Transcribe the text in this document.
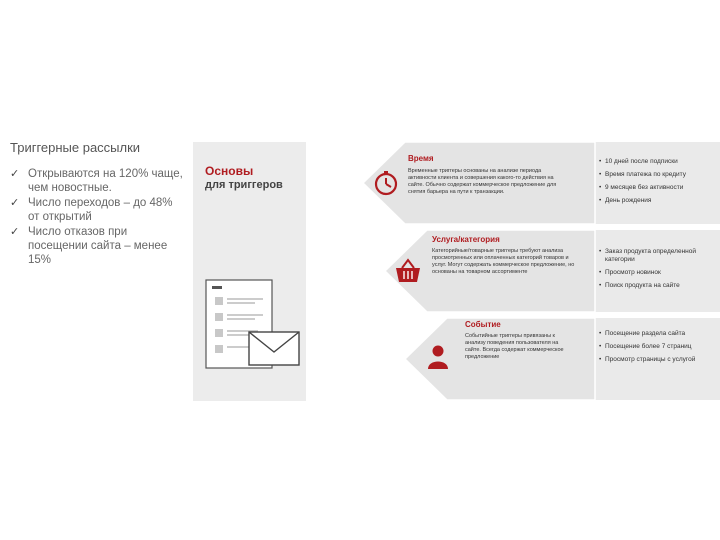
Триггерные рассылки
✓ Открываются на 120% чаще, чем новостные.
✓ Число переходов – до 48% от открытий
✓ Число отказов при посещении сайта – менее 15%
Основы
для триггеров
Время
Временные триггеры основаны на анализе периода активности клиента и совершения какого-то действия на сайте. Обычно содержат коммерческое предложение для снятия барьера на пути к транзакции.
• 10 дней после подписки
• Время платежа по кредиту
• 9 месяцев без активности
• День рождения
Услуга/категория
Категорийные/товарные триггеры требуют анализа просмотренных или оплаченных категорий товаров и услуг. Могут содержать коммерческое предложение, но основаны на товарном ассортименте
• Заказ продукта определенной категории
• Просмотр новинок
• Поиск продукта на сайте
Событие
Событийные триггеры привязаны к анализу поведения пользователя на сайте. Всегда содержат коммерческое предложение
• Посещение раздела сайта
• Посещение более 7 страниц
• Просмотр страницы с услугой
